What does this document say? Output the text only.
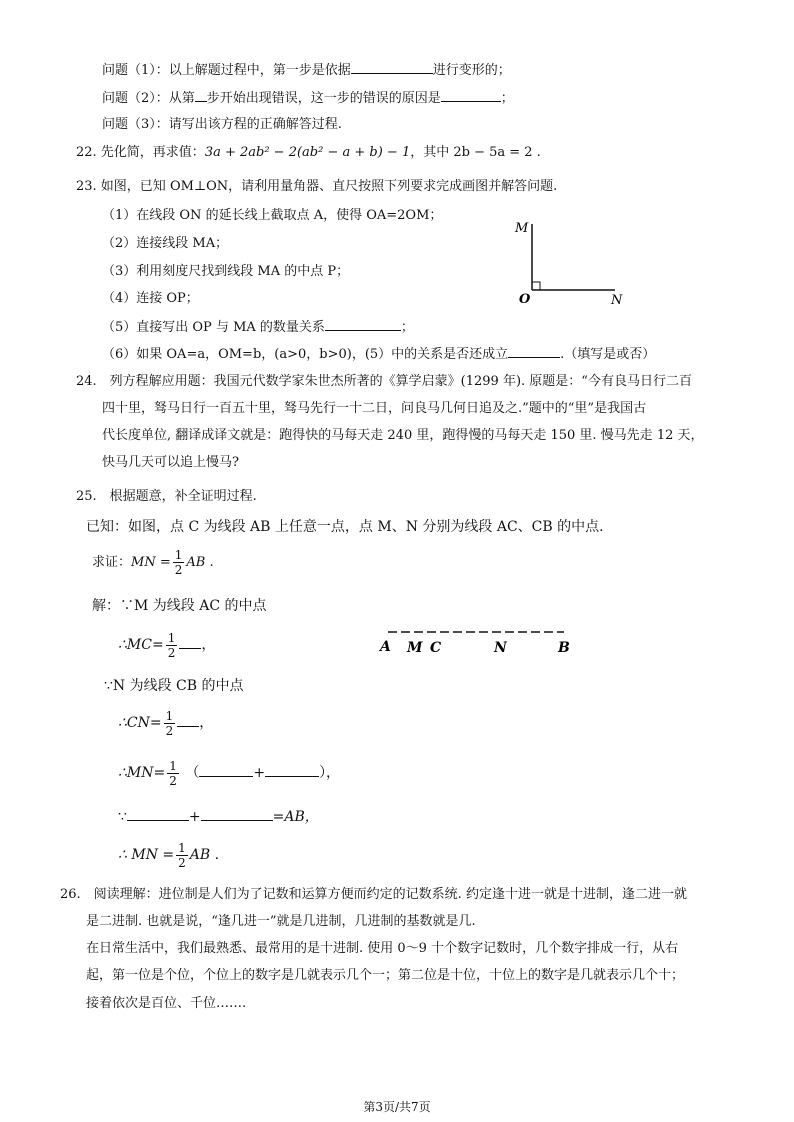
问题（1）：以上解题过程中，第一步是依据	进行变形的；
问题（2）：从第 步开始出现错误，这一步的错误的原因是	；
问题（3）：请写出该方程的正确解答过程.
22. 先化简，再求值：3a + 2ab² − 2(ab² − a + b) − 1，其中 2b − 5a = 2 .
23. 如图，已知 OM⊥ON，请利用量角器、直尺按照下列要求完成画图并解答问题.
（1）在线段 ON 的延长线上截取点 A，使得 OA=2OM；
（2）连接线段 MA；
（3）利用刻度尺找到线段 MA 的中点 P；
（4）连接 OP；
（5）直接写出 OP 与 MA 的数量关系	；
（6）如果 OA=a，OM=b，(a>0，b>0)，(5）中的关系是否还成立	.（填写是或否）
M
O	N
24.　列方程解应用题：我国元代数学家朱世杰所著的《算学启蒙》(1299 年). 原题是：“今有良马日行二百
四十里，驽马日行一百五十里，驽马先行一十二日，问良马几何日追及之.”题中的“里”是我国古
代长度单位, 翻译成译文就是：跑得快的马每天走 240 里，跑得慢的马每天走 150 里. 慢马先走 12 天，
快马几天可以追上慢马?
25.　根据题意，补全证明过程.
已知：如图，点 C 为线段 AB 上任意一点，点 M、N 分别为线段 AC、CB 的中点.
求证：MN = $\frac{1}{2}$ AB .
解：∵M 为线段 AC 的中点
∴MC= $\frac{1}{2}$ ，	A M C	N	B
∵N 为线段 CB 的中点
∴CN= $\frac{1}{2}$ ，
∴MN= $\frac{1}{2}$ （	+	），
∵	+	=AB，
∴ MN = $\frac{1}{2}$ AB .
26.　阅读理解：进位制是人们为了记数和运算方便而约定的记数系统. 约定逢十进一就是十进制，逢二进一就
是二进制. 也就是说，“逢几进一”就是几进制，几进制的基数就是几.
在日常生活中，我们最熟悉、最常用的是十进制. 使用 0～9 十个数字记数时，几个数字排成一行，从右
起，第一位是个位，个位上的数字是几就表示几个一；第二位是十位，十位上的数字是几就表示几个十；
接着依次是百位、千位…….
第3页/共7页
